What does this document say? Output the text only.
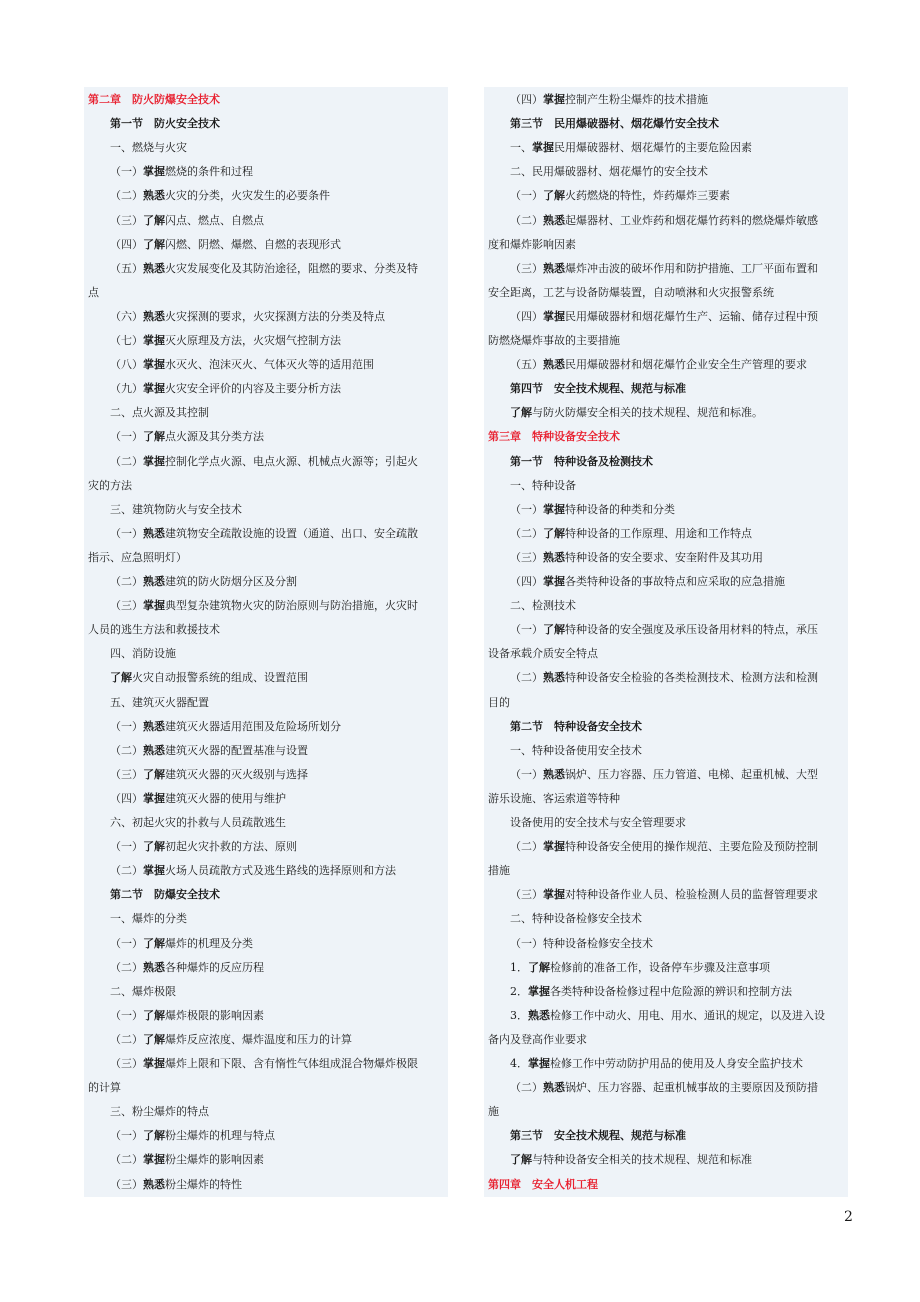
第二章　防火防爆安全技术
第一节　防火安全技术
一、燃烧与火灾
（一）掌握燃烧的条件和过程
（二）熟悉火灾的分类，火灾发生的必要条件
（三）了解闪点、燃点、自燃点
（四）了解闪燃、阴燃、爆燃、自燃的表现形式
（五）熟悉火灾发展变化及其防治途径，阻燃的要求、分类及特
点
（六）熟悉火灾探测的要求，火灾探测方法的分类及特点
（七）掌握灭火原理及方法，火灾烟气控制方法
（八）掌握水灭火、泡沫灭火、气体灭火等的适用范围
（九）掌握火灾安全评价的内容及主要分析方法
二、点火源及其控制
（一）了解点火源及其分类方法
（二）掌握控制化学点火源、电点火源、机械点火源等；引起火
灾的方法
三、建筑物防火与安全技术
（一）熟悉建筑物安全疏散设施的设置（通道、出口、安全疏散
指示、应急照明灯）
（二）熟悉建筑的防火防烟分区及分割
（三）掌握典型复杂建筑物火灾的防治原则与防治措施，火灾时
人员的逃生方法和救援技术
四、消防设施
了解火灾自动报警系统的组成、设置范围
五、建筑灭火器配置
（一）熟悉建筑灭火器适用范围及危险场所划分
（二）熟悉建筑灭火器的配置基准与设置
（三）了解建筑灭火器的灭火级别与选择
（四）掌握建筑灭火器的使用与维护
六、初起火灾的扑救与人员疏散逃生
（一）了解初起火灾扑救的方法、原则
（二）掌握火场人员疏散方式及逃生路线的选择原则和方法
第二节　防爆安全技术
一、爆炸的分类
（一）了解爆炸的机理及分类
（二）熟悉各种爆炸的反应历程
二、爆炸极限
（一）了解爆炸极限的影响因素
（二）了解爆炸反应浓度、爆炸温度和压力的计算
（三）掌握爆炸上限和下限、含有惰性气体组成混合物爆炸极限
的计算
三、粉尘爆炸的特点
（一）了解粉尘爆炸的机理与特点
（二）掌握粉尘爆炸的影响因素
（三）熟悉粉尘爆炸的特性
（四）掌握控制产生粉尘爆炸的技术措施
第三节　民用爆破器材、烟花爆竹安全技术
一、掌握民用爆破器材、烟花爆竹的主要危险因素
二、民用爆破器材、烟花爆竹的安全技术
（一）了解火药燃烧的特性，炸药爆炸三要素
（二）熟悉起爆器材、工业炸药和烟花爆竹药料的燃烧爆炸敏感
度和爆炸影响因素
（三）熟悉爆炸冲击波的破坏作用和防护措施、工厂平面布置和
安全距离，工艺与设备防爆装置，自动喷淋和火灾报警系统
（四）掌握民用爆破器材和烟花爆竹生产、运输、储存过程中预
防燃烧爆炸事故的主要措施
（五）熟悉民用爆破器材和烟花爆竹企业安全生产管理的要求
第四节　安全技术规程、规范与标准
了解与防火防爆安全相关的技术规程、规范和标准。
第三章　特种设备安全技术
第一节　特种设备及检测技术
一、特种设备
（一）掌握特种设备的种类和分类
（二）了解特种设备的工作原理、用途和工作特点
（三）熟悉特种设备的安全要求、安奎附件及其功用
（四）掌握各类特种设备的事故特点和应采取的应急措施
二、检测技术
（一）了解特种设备的安全强度及承压设备用材料的特点，承压
设备承载介质安全特点
（二）熟悉特种设备安全检验的各类检测技术、检测方法和检测
目的
第二节　特种设备安全技术
一、特种设备使用安全技术
（一）熟悉锅炉、压力容器、压力管道、电梯、起重机械、大型
游乐设施、客运索道等特种
设备使用的安全技术与安全管理要求
（二）掌握特种设备安全使用的操作规范、主要危险及预防控制
措施
（三）掌握对特种设备作业人员、检验检测人员的监督管理要求
二、特种设备检修安全技术
（一）特种设备检修安全技术
1．了解检修前的准备工作，设备停车步骤及注意事项
2．掌握各类特种设备检修过程中危险源的辨识和控制方法
3．熟悉检修工作中动火、用电、用水、通讯的规定，以及进入设
备内及登高作业要求
4．掌握检修工作中劳动防护用品的使用及人身安全监护技术
（二）熟悉锅炉、压力容器、起重机械事故的主要原因及预防措
施
第三节　安全技术规程、规范与标准
了解与特种设备安全相关的技术规程、规范和标准
第四章　安全人机工程
2
